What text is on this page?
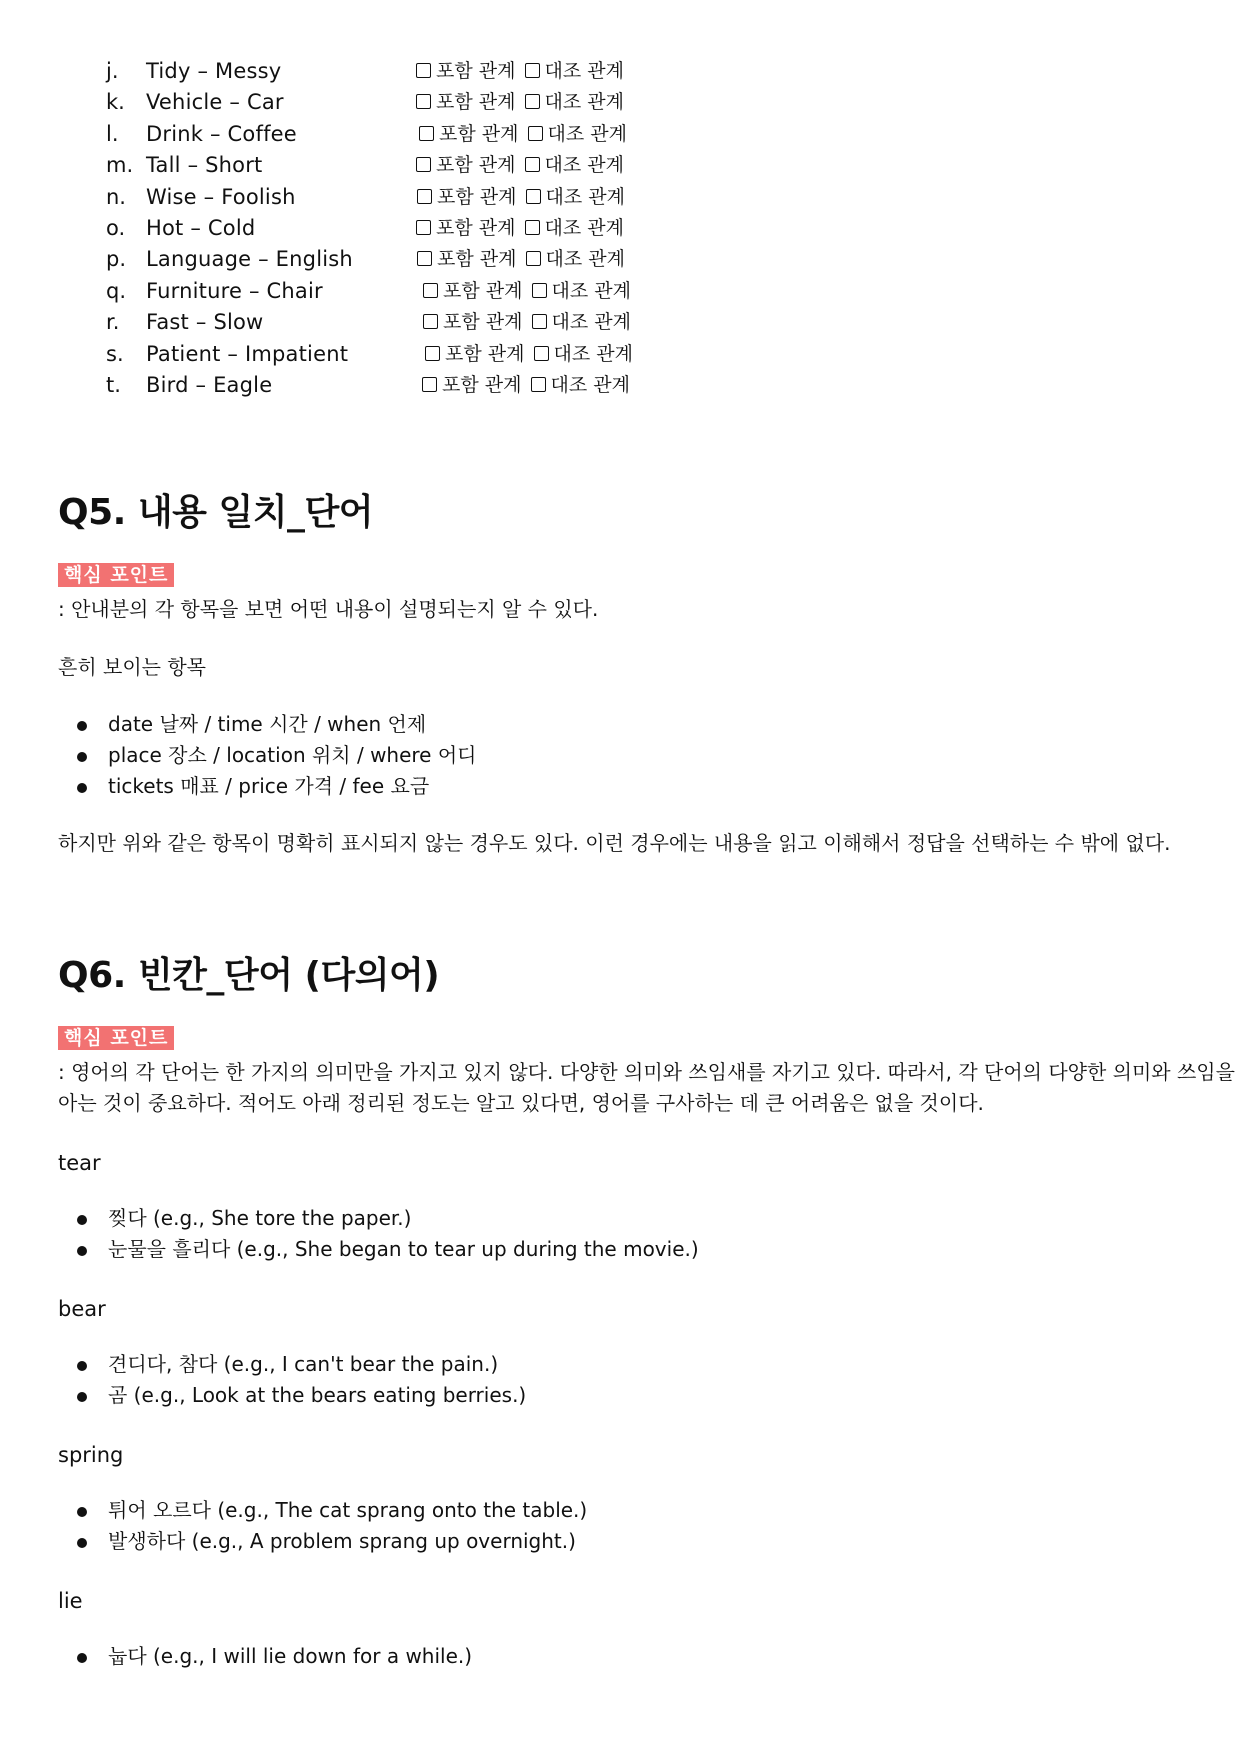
j.	Tidy – Messy	포함 관계 대조 관계
k.	Vehicle – Car	포함 관계 대조 관계
l.	Drink – Coffee	포함 관계 대조 관계
m. Tall – Short	포함 관계 대조 관계
n. Wise – Foolish	포함 관계 대조 관계
o. Hot – Cold	포함 관계 대조 관계
p. Language – English	포함 관계 대조 관계
q. Furniture – Chair	포함 관계 대조 관계
r.	Fast – Slow	포함 관계 대조 관계
s.	Patient – Impatient	포함 관계 대조 관계
t.	Bird – Eagle	포함 관계 대조 관계
Q5. 내용 일치_단어
핵심 포인트
: 안내분의 각 항목을 보면 어떤 내용이 설명되는지 알 수 있다.
흔히 보이는 항목
date 날짜 / time 시간 / when 언제
place 장소 / location 위치 / where 어디
tickets 매표 / price 가격 / fee 요금
하지만 위와 같은 항목이 명확히 표시되지 않는 경우도 있다. 이런 경우에는 내용을 읽고 이해해서 정답을 선택하는 수 밖에 없다.
Q6. 빈칸_단어 (다의어)
핵심 포인트
: 영어의 각 단어는 한 가지의 의미만을 가지고 있지 않다. 다양한 의미와 쓰임새를 자기고 있다. 따라서, 각 단어의 다양한 의미와 쓰임을
아는 것이 중요하다. 적어도 아래 정리된 정도는 알고 있다면, 영어를 구사하는 데 큰 어려움은 없을 것이다.
tear
찢다 (e.g., She tore the paper.)
눈물을 흘리다 (e.g., She began to tear up during the movie.)
bear
견디다, 참다 (e.g., I can't bear the pain.)
곰 (e.g., Look at the bears eating berries.)
spring
튀어 오르다 (e.g., The cat sprang onto the table.)
발생하다 (e.g., A problem sprang up overnight.)
lie
눕다 (e.g., I will lie down for a while.)
